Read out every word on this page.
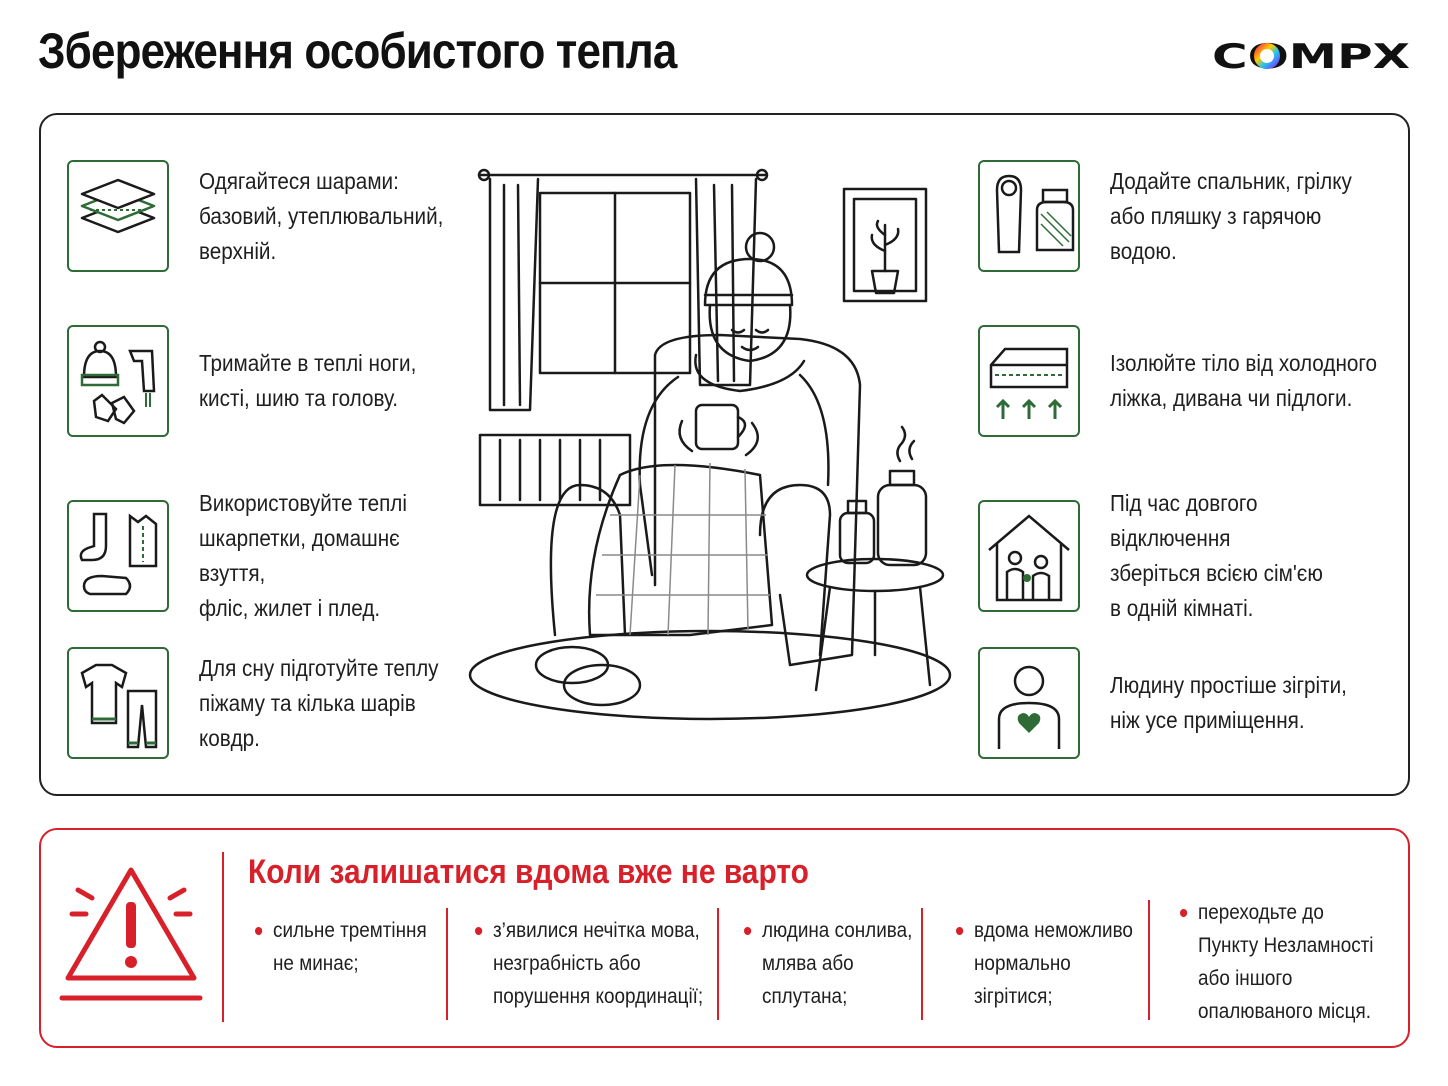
Збереження особистого тепла	COMPX
Одягайтеся шарами:
базовий, утеплювальний,
верхній.
Тримайте в теплі ноги,
кисті, шию та голову.
Використовуйте теплі
шкарпетки, домашнє взуття,
фліс, жилет і плед.
Для сну підготуйте теплу
піжаму та кілька шарів
ковдр.
Додайте спальник, грілку
або пляшку з гарячою
водою.
Ізолюйте тіло від холодного
ліжка, дивана чи підлоги.
Під час довгого відключення
зберіться всією сім'єю
в одній кімнаті.
Людину простіше зігріти,
ніж усе приміщення.
Коли залишатися вдома вже не варто
сильне тремтіння
не минає;
з’явилися нечітка мова,
незграбність або
порушення координації;
людина сонлива,
млява або
сплутана;
вдома неможливо
нормально
зігрітися;
переходьте до
Пункту Незламності
або іншого
опалюваного місця.
